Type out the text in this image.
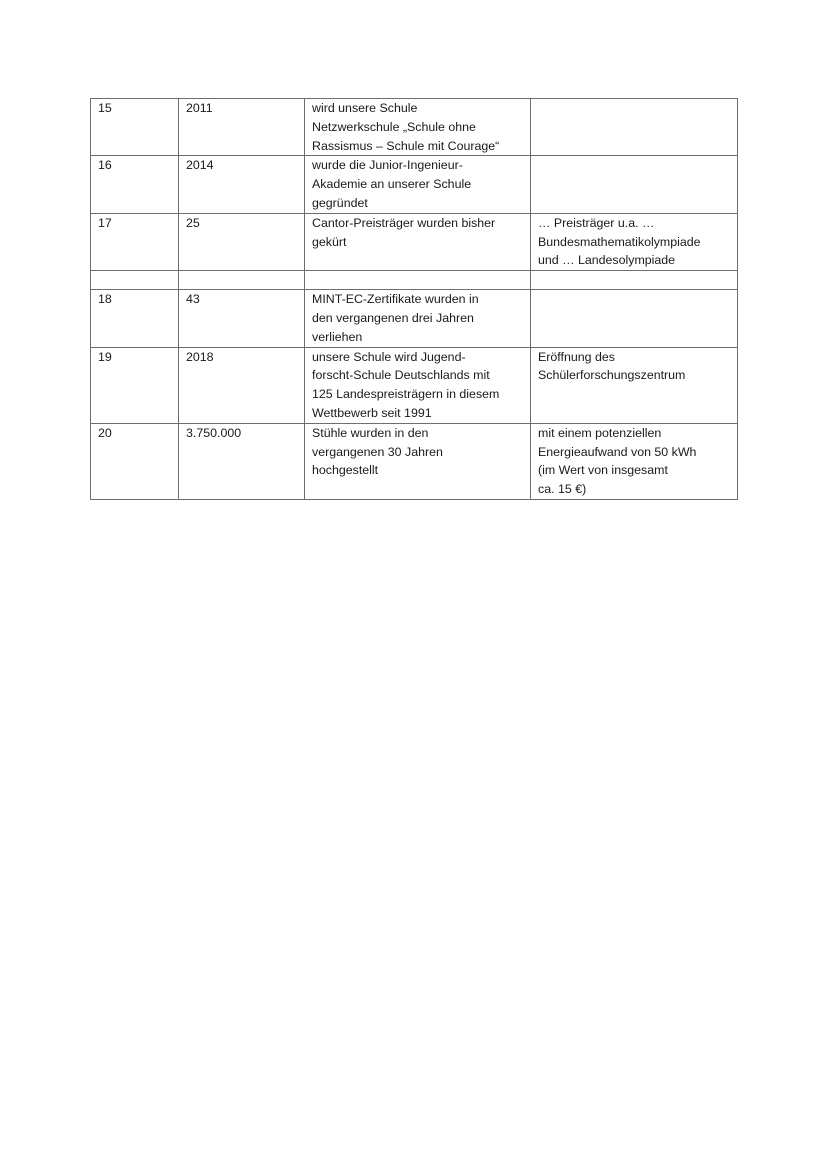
15	2011	wird unsere Schule
Netzwerkschule „Schule ohne
Rassismus – Schule mit Courage“	

16	2014	wurde die Junior-Ingenieur-
Akademie an unserer Schule
gegründet	

17	25	Cantor-Preisträger wurden bisher
gekürt	… Preisträger u.a. …
Bundesmathematikolympiade
und … Landesolympiade

18	43	MINT-EC-Zertifikate wurden in
den vergangenen drei Jahren
verliehen	

19	2018	unsere Schule wird Jugend-
forscht-Schule Deutschlands mit
125 Landespreisträgern in diesem
Wettbewerb seit 1991	Eröffnung des
Schülerforschungszentrum

20	3.750.000	Stühle wurden in den
vergangenen 30 Jahren
hochgestellt	mit einem potenziellen
Energieaufwand von 50 kWh
(im Wert von insgesamt
ca. 15 €)
